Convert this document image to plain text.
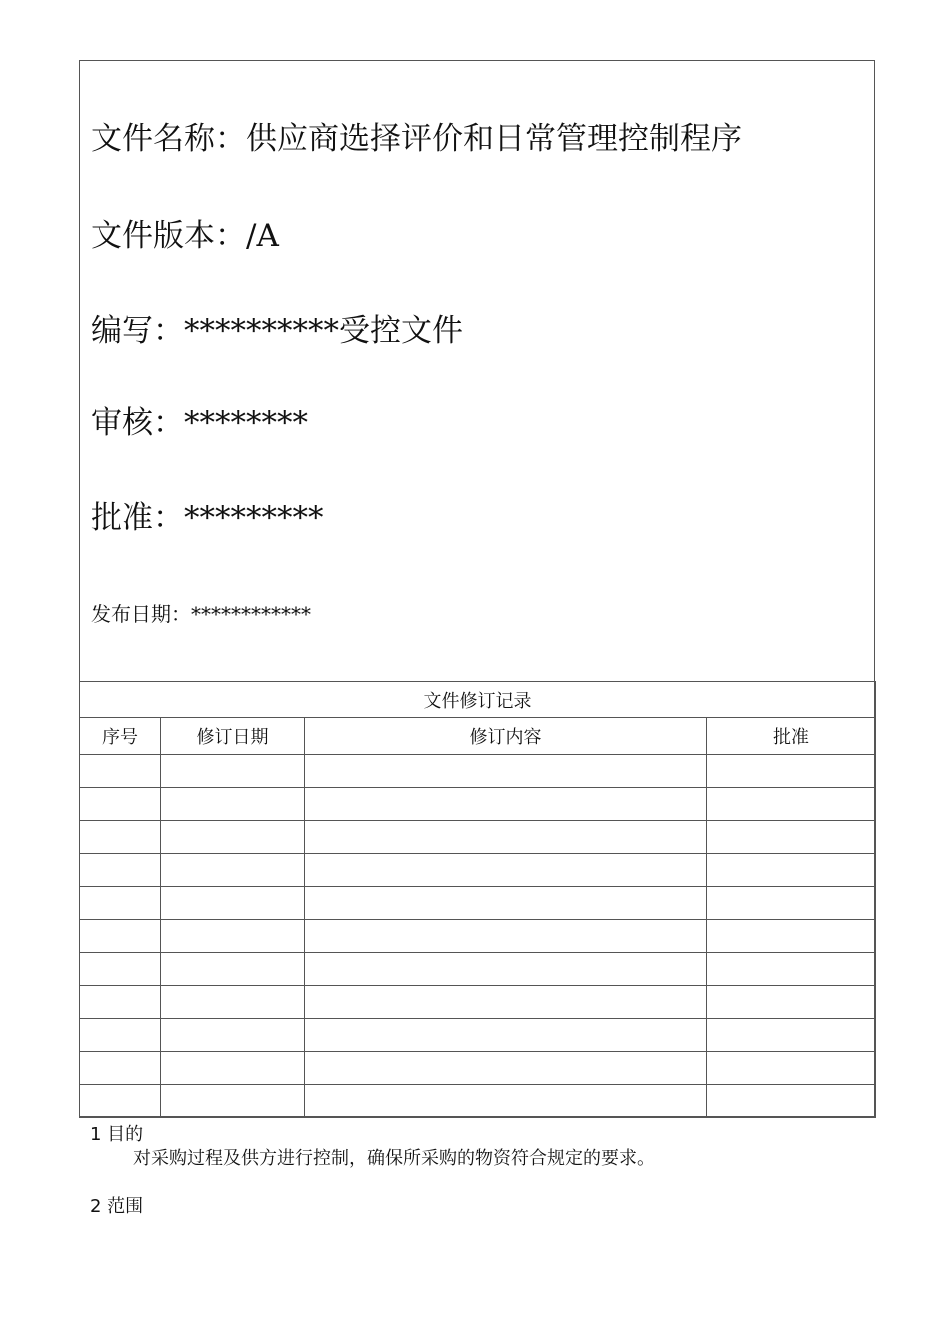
文件名称：供应商选择评价和日常管理控制程序
文件版本：/A
编写：**********受控文件
审核：********
批准：*********
发布日期：************
文件修订记录			
序号	修订日期	修订内容	批准

1 目的
对采购过程及供方进行控制，确保所采购的物资符合规定的要求。
2 范围
